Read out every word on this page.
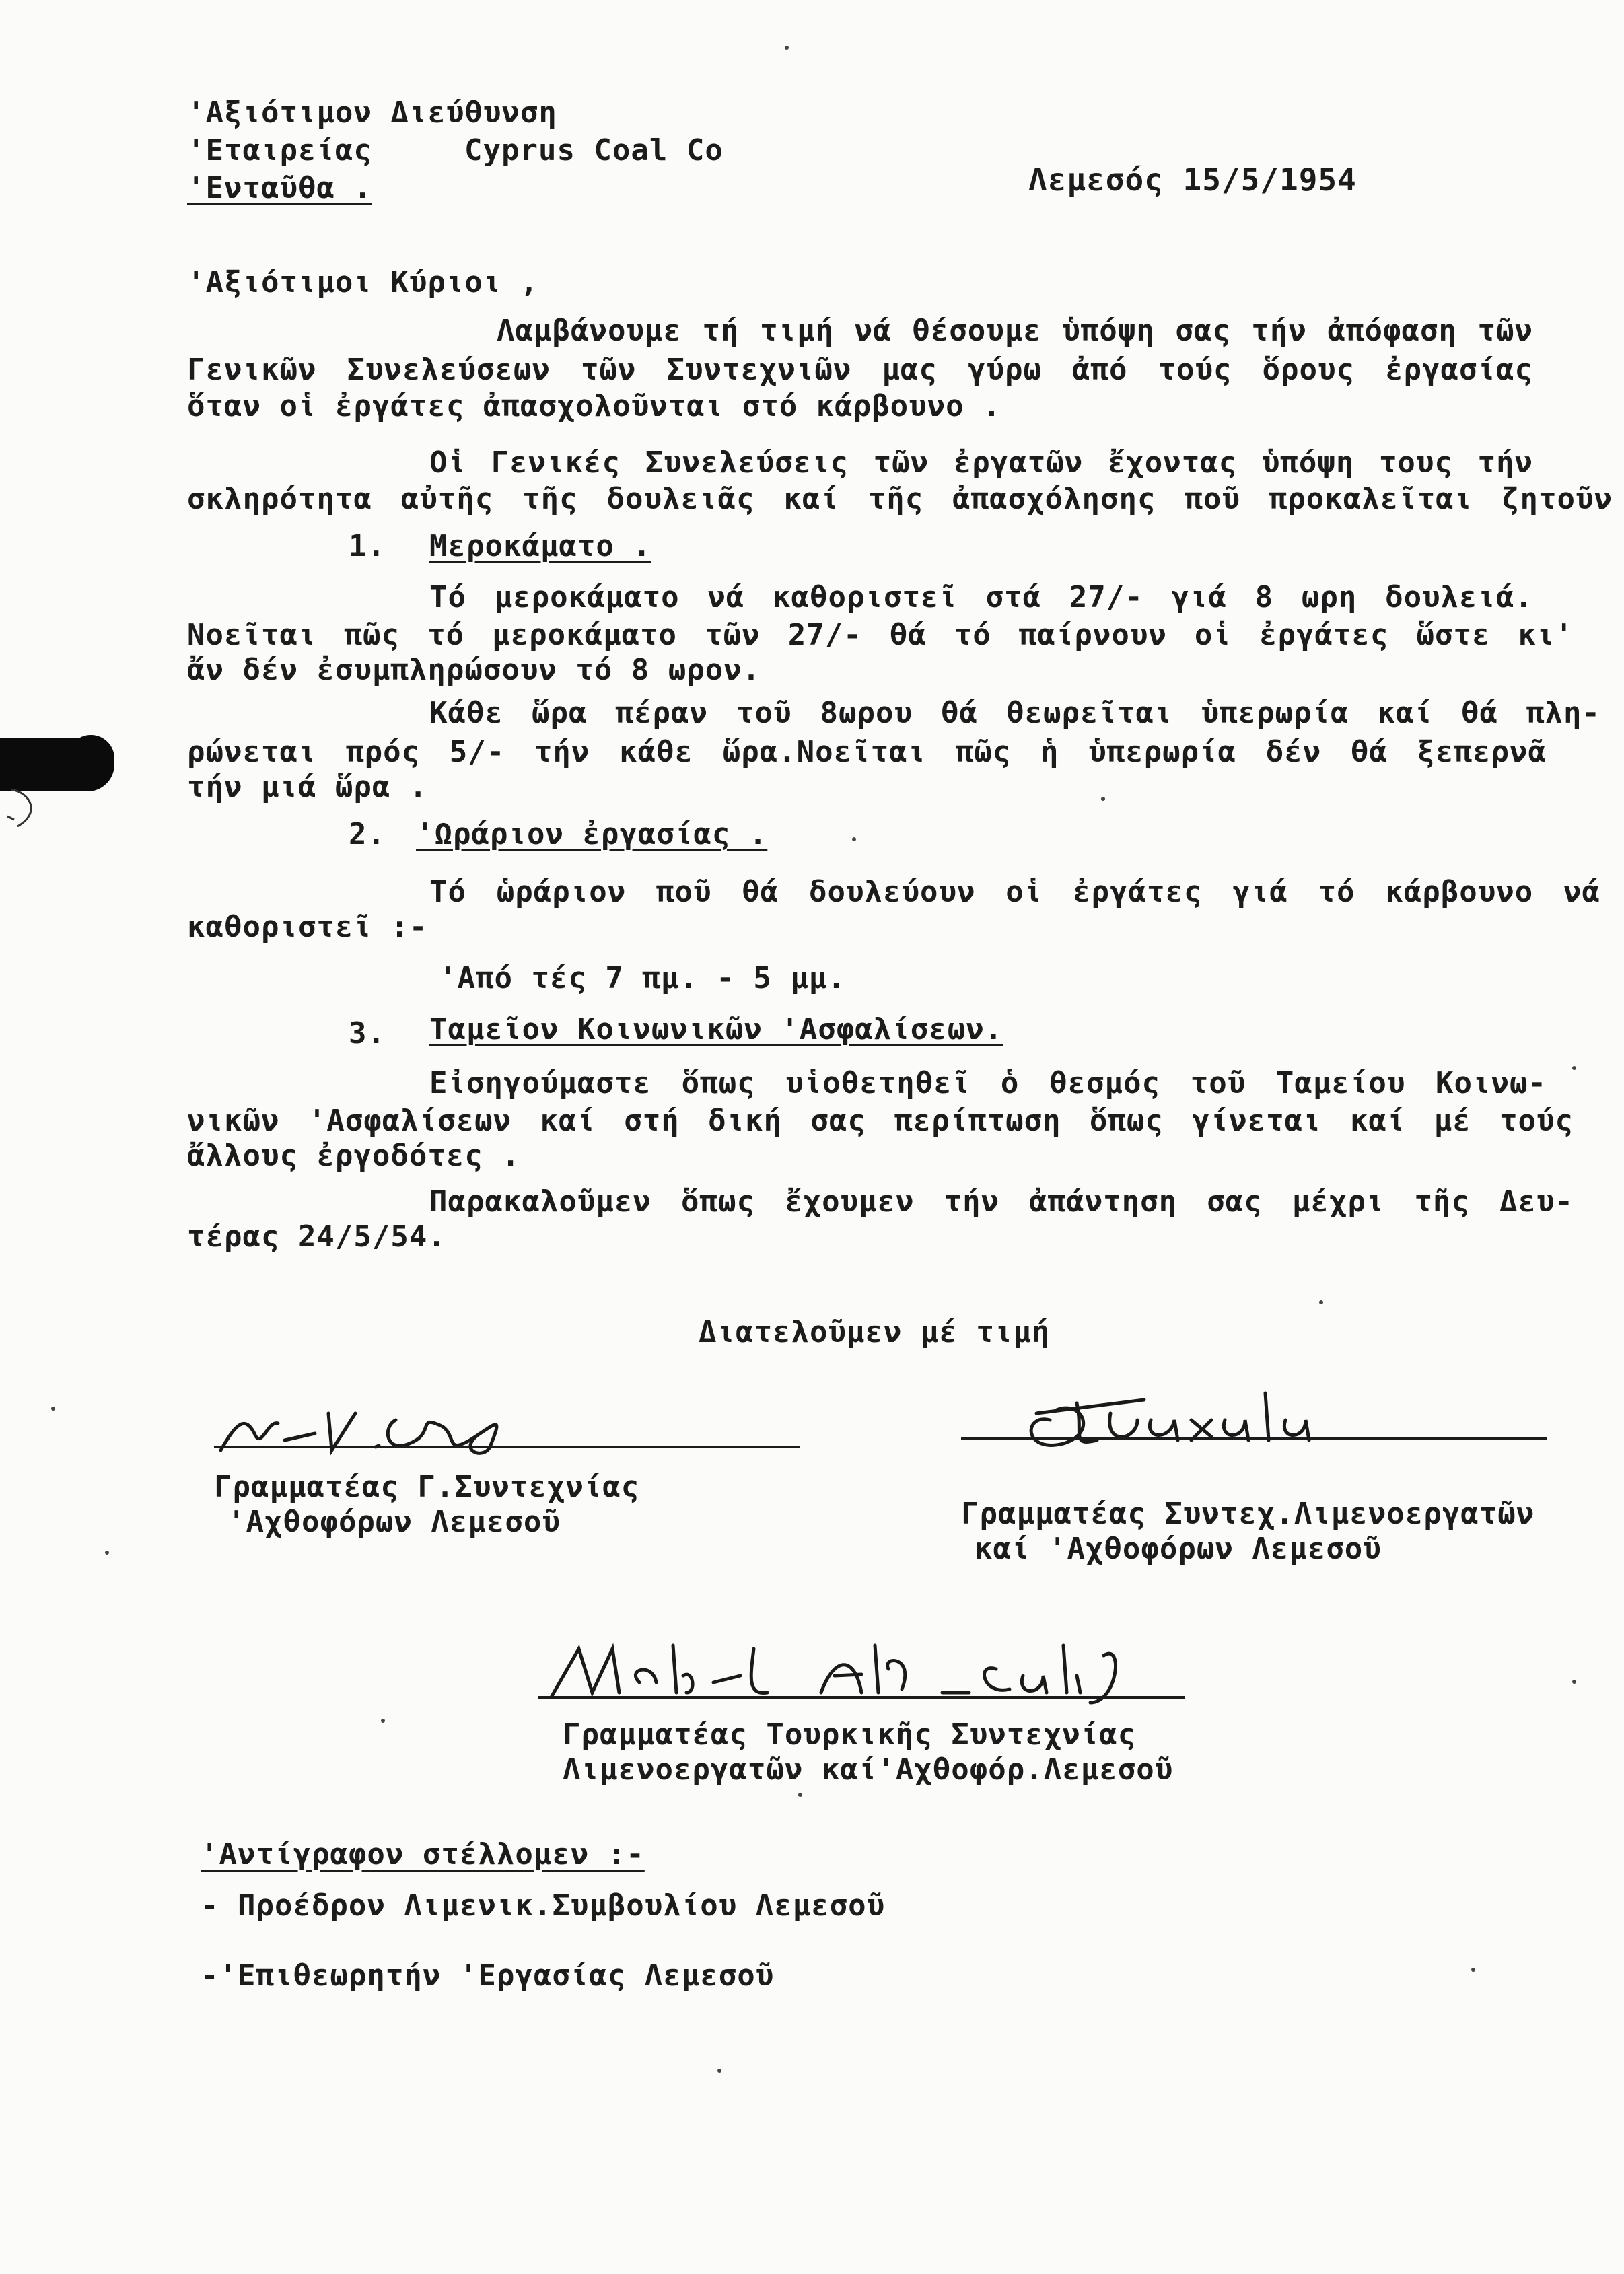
'Αξιότιμον Διεύθυνση
'Εταιρείας	Cyprus Coal Co
'Ενταῦθα .	Λεμεσός 15/5/1954
'Αξιότιμοι Κύριοι ,
Λαμβάνουμε τή τιμή νά θέσουμε ὑπόψη σας τήν ἀπόφαση τῶν
Γενικῶν Συνελεύσεων τῶν Συντεχνιῶν μας γύρω ἀπό τούς ὅρους ἐργασίας
ὅταν οἱ ἐργάτες ἀπασχολοῦνται στό κάρβουνο .
Οἱ Γενικές Συνελεύσεις τῶν ἐργατῶν ἔχοντας ὑπόψη τους τήν
σκληρότητα αὐτῆς τῆς δουλειᾶς καί τῆς ἀπασχόλησης ποῦ προκαλεῖται ζητοῦν
1. Μεροκάματο .
Τό μεροκάματο νά καθοριστεῖ στά 27/- γιά 8 ωρη δουλειά.
Νοεῖται πῶς τό μεροκάματο τῶν 27/- θά τό παίρνουν οἱ ἐργάτες ὥστε κι'
ἄν δέν ἐσυμπληρώσουν τό 8 ωρον.
Κάθε ὥρα πέραν τοῦ 8ωρου θά θεωρεῖται ὑπερωρία καί θά πλη-
ρώνεται πρός 5/- τήν κάθε ὥρα.Νοεῖται πῶς ἡ ὑπερωρία δέν θά ξεπερνᾶ
τήν μιά ὥρα .
2. 'Ωράριον ἐργασίας .
Τό ὡράριον ποῦ θά δουλεύουν οἱ ἐργάτες γιά τό κάρβουνο νά
καθοριστεῖ :-
'Από τές 7 πμ. - 5 μμ.
3. Ταμεῖον Κοινωνικῶν 'Ασφαλίσεων.
Εἰσηγούμαστε ὅπως υἱοθετηθεῖ ὁ θεσμός τοῦ Ταμείου Κοινω-
νικῶν 'Ασφαλίσεων καί στή δική σας περίπτωση ὅπως γίνεται καί μέ τούς
ἄλλους ἐργοδότες .
Παρακαλοῦμεν ὅπως ἔχουμεν τήν ἀπάντηση σας μέχρι τῆς Δευ-
τέρας 24/5/54.
Διατελοῦμεν μέ τιμή
Γραμματέας Γ.Συντεχνίας
'Αχθοφόρων Λεμεσοῦ	Γραμματέας Συντεχ.Λιμενοεργατῶν
καί 'Αχθοφόρων Λεμεσοῦ
Γραμματέας Τουρκικῆς Συντεχνίας
Λιμενοεργατῶν καί'Αχθοφόρ.Λεμεσοῦ
'Αντίγραφον στέλλομεν :-
- Προέδρον Λιμενικ.Συμβουλίου Λεμεσοῦ
-'Επιθεωρητήν 'Εργασίας Λεμεσοῦ
